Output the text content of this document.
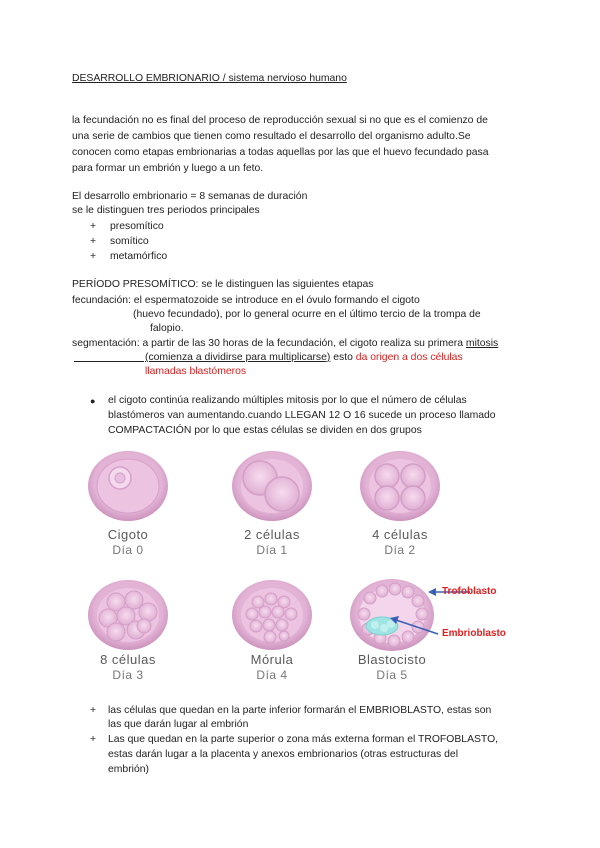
DESARROLLO EMBRIONARIO / sistema nervioso humano
la fecundación no es final del proceso de reproducción sexual si no que es el comienzo de
una serie de cambios que tienen como resultado el desarrollo del organismo adulto.Se
conocen como etapas embrionarias a todas aquellas por las que el huevo fecundado pasa
para formar un embrión y luego a un feto.
El desarrollo embrionario = 8 semanas de duración
se le distinguen tres periodos principales
+ presomítico
+ somítico
+ metamórfico
PERÍODO PRESOMÍTICO: se le distinguen las siguientes etapas
fecundación: el espermatozoide se introduce en el óvulo formando el cigoto
(huevo fecundado), por lo general ocurre en el último tercio de la trompa de
falopio.
segmentación: a partir de las 30 horas de la fecundación, el cigoto realiza su primera mitosis
(comienza a dividirse para multiplicarse) esto da origen a dos células
llamadas blastómeros
● el cigoto continúa realizando múltiples mitosis por lo que el número de células
blastómeros van aumentando.cuando LLEGAN 12 O 16 sucede un proceso llamado
COMPACTACIÓN por lo que estas células se dividen en dos grupos
Cigoto
Día 0
2 células
Día 1
4 células
Día 2
8 células
Día 3
Mórula
Día 4
Blastocisto
Día 5
Trofoblasto
Embrioblasto
+ las células que quedan en la parte inferior formarán el EMBRIOBLASTO, estas son
las que darán lugar al embrión
+ Las que quedan en la parte superior o zona más externa forman el TROFOBLASTO,
estas darán lugar a la placenta y anexos embrionarios (otras estructuras del
embrión)
